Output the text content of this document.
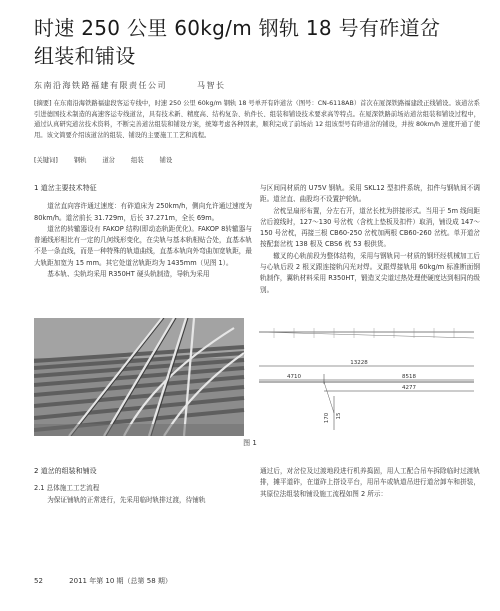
时速 250 公里 60kg/m 钢轨 18 号有砟道岔
组装和铺设
东南沿海铁路福建有限责任公司	马智长
[摘要] 在东南沿海铁路福建段客运专线中，时速 250 公里 60kg/m 钢轨 18 号单开有砟道岔（图号：CN-6118AB）首次在厦深铁路福建段正线铺设。该道岔系引进德国技术制造的高速客运专线道岔，具有技术新、精度高、结构复杂、轨件长、组装和铺设技术要求高等特点。在厦深铁路前场站道岔组装和铺设过程中，通过认真研究道岔技术资料，不断完善道岔组装和铺设方案，统筹考虑各种因素，顺利完成了前场站 12 组该型号有砟道岔的铺设，并按 80km/h 速度开通了使用。该文简要介绍该道岔的组装、铺设的主要施工工艺和流程。
[关键词]	钢轨	道岔	组装	铺设
1 道岔主要技术特征
道岔直向容许通过速度：有砟道床为 250km/h，侧向允许通过速度为 80km/h。道岔前长 31.729m，后长 37.271m，全长 69m。
道岔的转辙器设有 FAKOP 结构(即动态轨距优化)。FAKOP 8转辙器与普通线形相比有一定的几何线形变化，在尖轨与基本轨相贴合处，直基本轨不是一条直线，而是一种特殊的轨道曲线，直基本轨向外弯曲加宽轨距，最大轨距加宽为 15 mm。其它处道岔轨距均为 1435mm（见图 1）。
基本轨、尖轨均采用 R350HT 硬头轨制造，导轨为采用
与区间同材质的 U75V 钢轨。采用 SKL12 型扣件系统，扣件与钢轨间不调距。道岔直、曲股均不设置护轮轨。
岔枕呈扇形布置，分左右开，道岔长枕为拼接形式。当用于 5m 线间距岔后渡线时，127～130 号岔枕（含枕上垫板及扣件）取消，铺设成 147～150 号岔枕，再接三根 CB60-250 岔枕加两根 CB60-260 岔枕。单开道岔按配套岔枕 138 根及 CBS6 枕 53 根供货。
辙叉的心轨前段为整体结构，采用与钢轨同一材质的钢坯经机械加工后与心轨后段 2 根叉跟连接轨闪光对焊。叉跟焊接轨用 60kg/m 标准断面钢轨制作，翼轨材料采用 R350HT，锻造叉尖道过热处理使硬度达到相同的级别。
13228
4710	8518
4277
170 15
图 1
2 道岔的组装和铺设
2.1 总体施工工艺流程
为保证铺轨的正常进行，先采用临时轨排过渡，待铺轨
通过后，对岔位及过渡地段进行机养捣固，用人工配合吊车拆除临时过渡轨排，摊平道砟，在道砟上搭设平台，用吊车或轨道吊进行道岔卸车和拼装，其原位法组装和铺设施工流程如图 2 所示：
52	2011 年第 10 期（总第 58 期）
